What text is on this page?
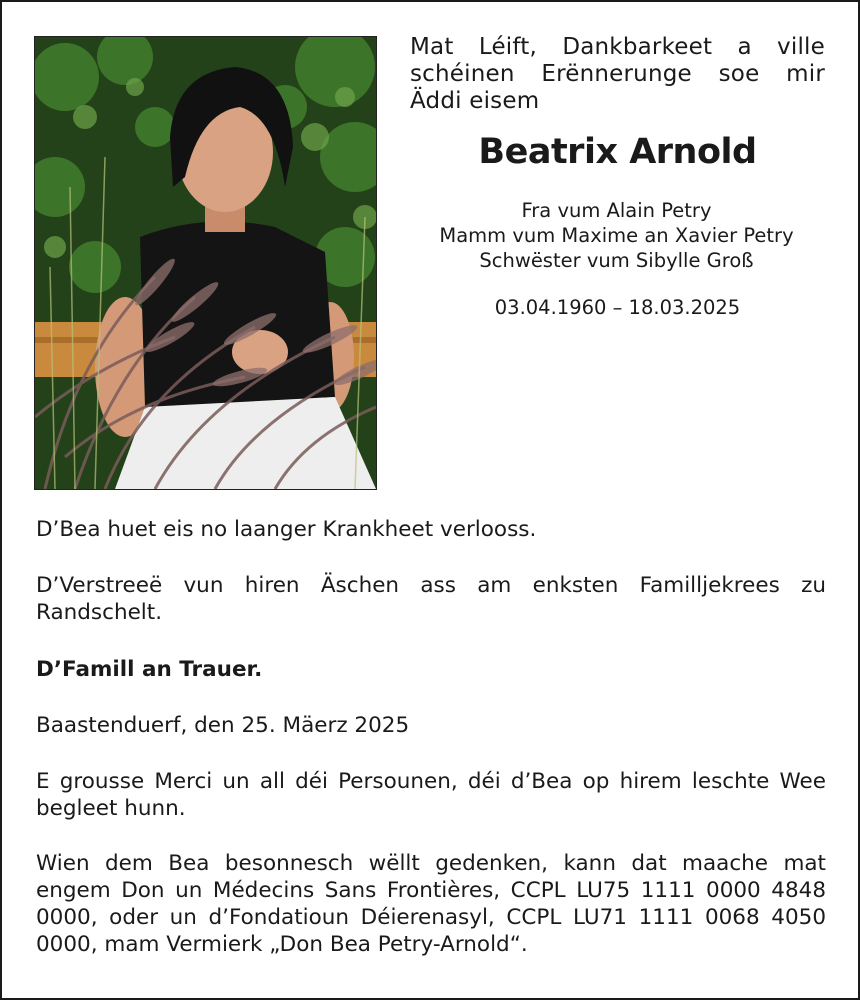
Mat Léift, Dankbarkeet a ville schéinen Erënnerunge soe mir Äddi eisem
Beatrix Arnold
Fra vum Alain Petry
Mamm vum Maxime an Xavier Petry
Schwëster vum Sibylle Groß
03.04.1960 – 18.03.2025
D’Bea huet eis no laanger Krankheet verlooss.
D’Verstreeë vun hiren Äschen ass am enksten Familljekrees zu Randschelt.
D’Famill an Trauer.
Baastenduerf, den 25. Mäerz 2025
E grousse Merci un all déi Persounen, déi d’Bea op hirem leschte Wee begleet hunn.
Wien dem Bea besonnesch wëllt gedenken, kann dat maache mat engem Don un Médecins Sans Frontières, CCPL LU75 1111 0000 4848 0000, oder un d’Fondatioun Déierenasyl, CCPL LU71 1111 0068 4050 0000, mam Vermierk „Don Bea Petry-Arnold“.
